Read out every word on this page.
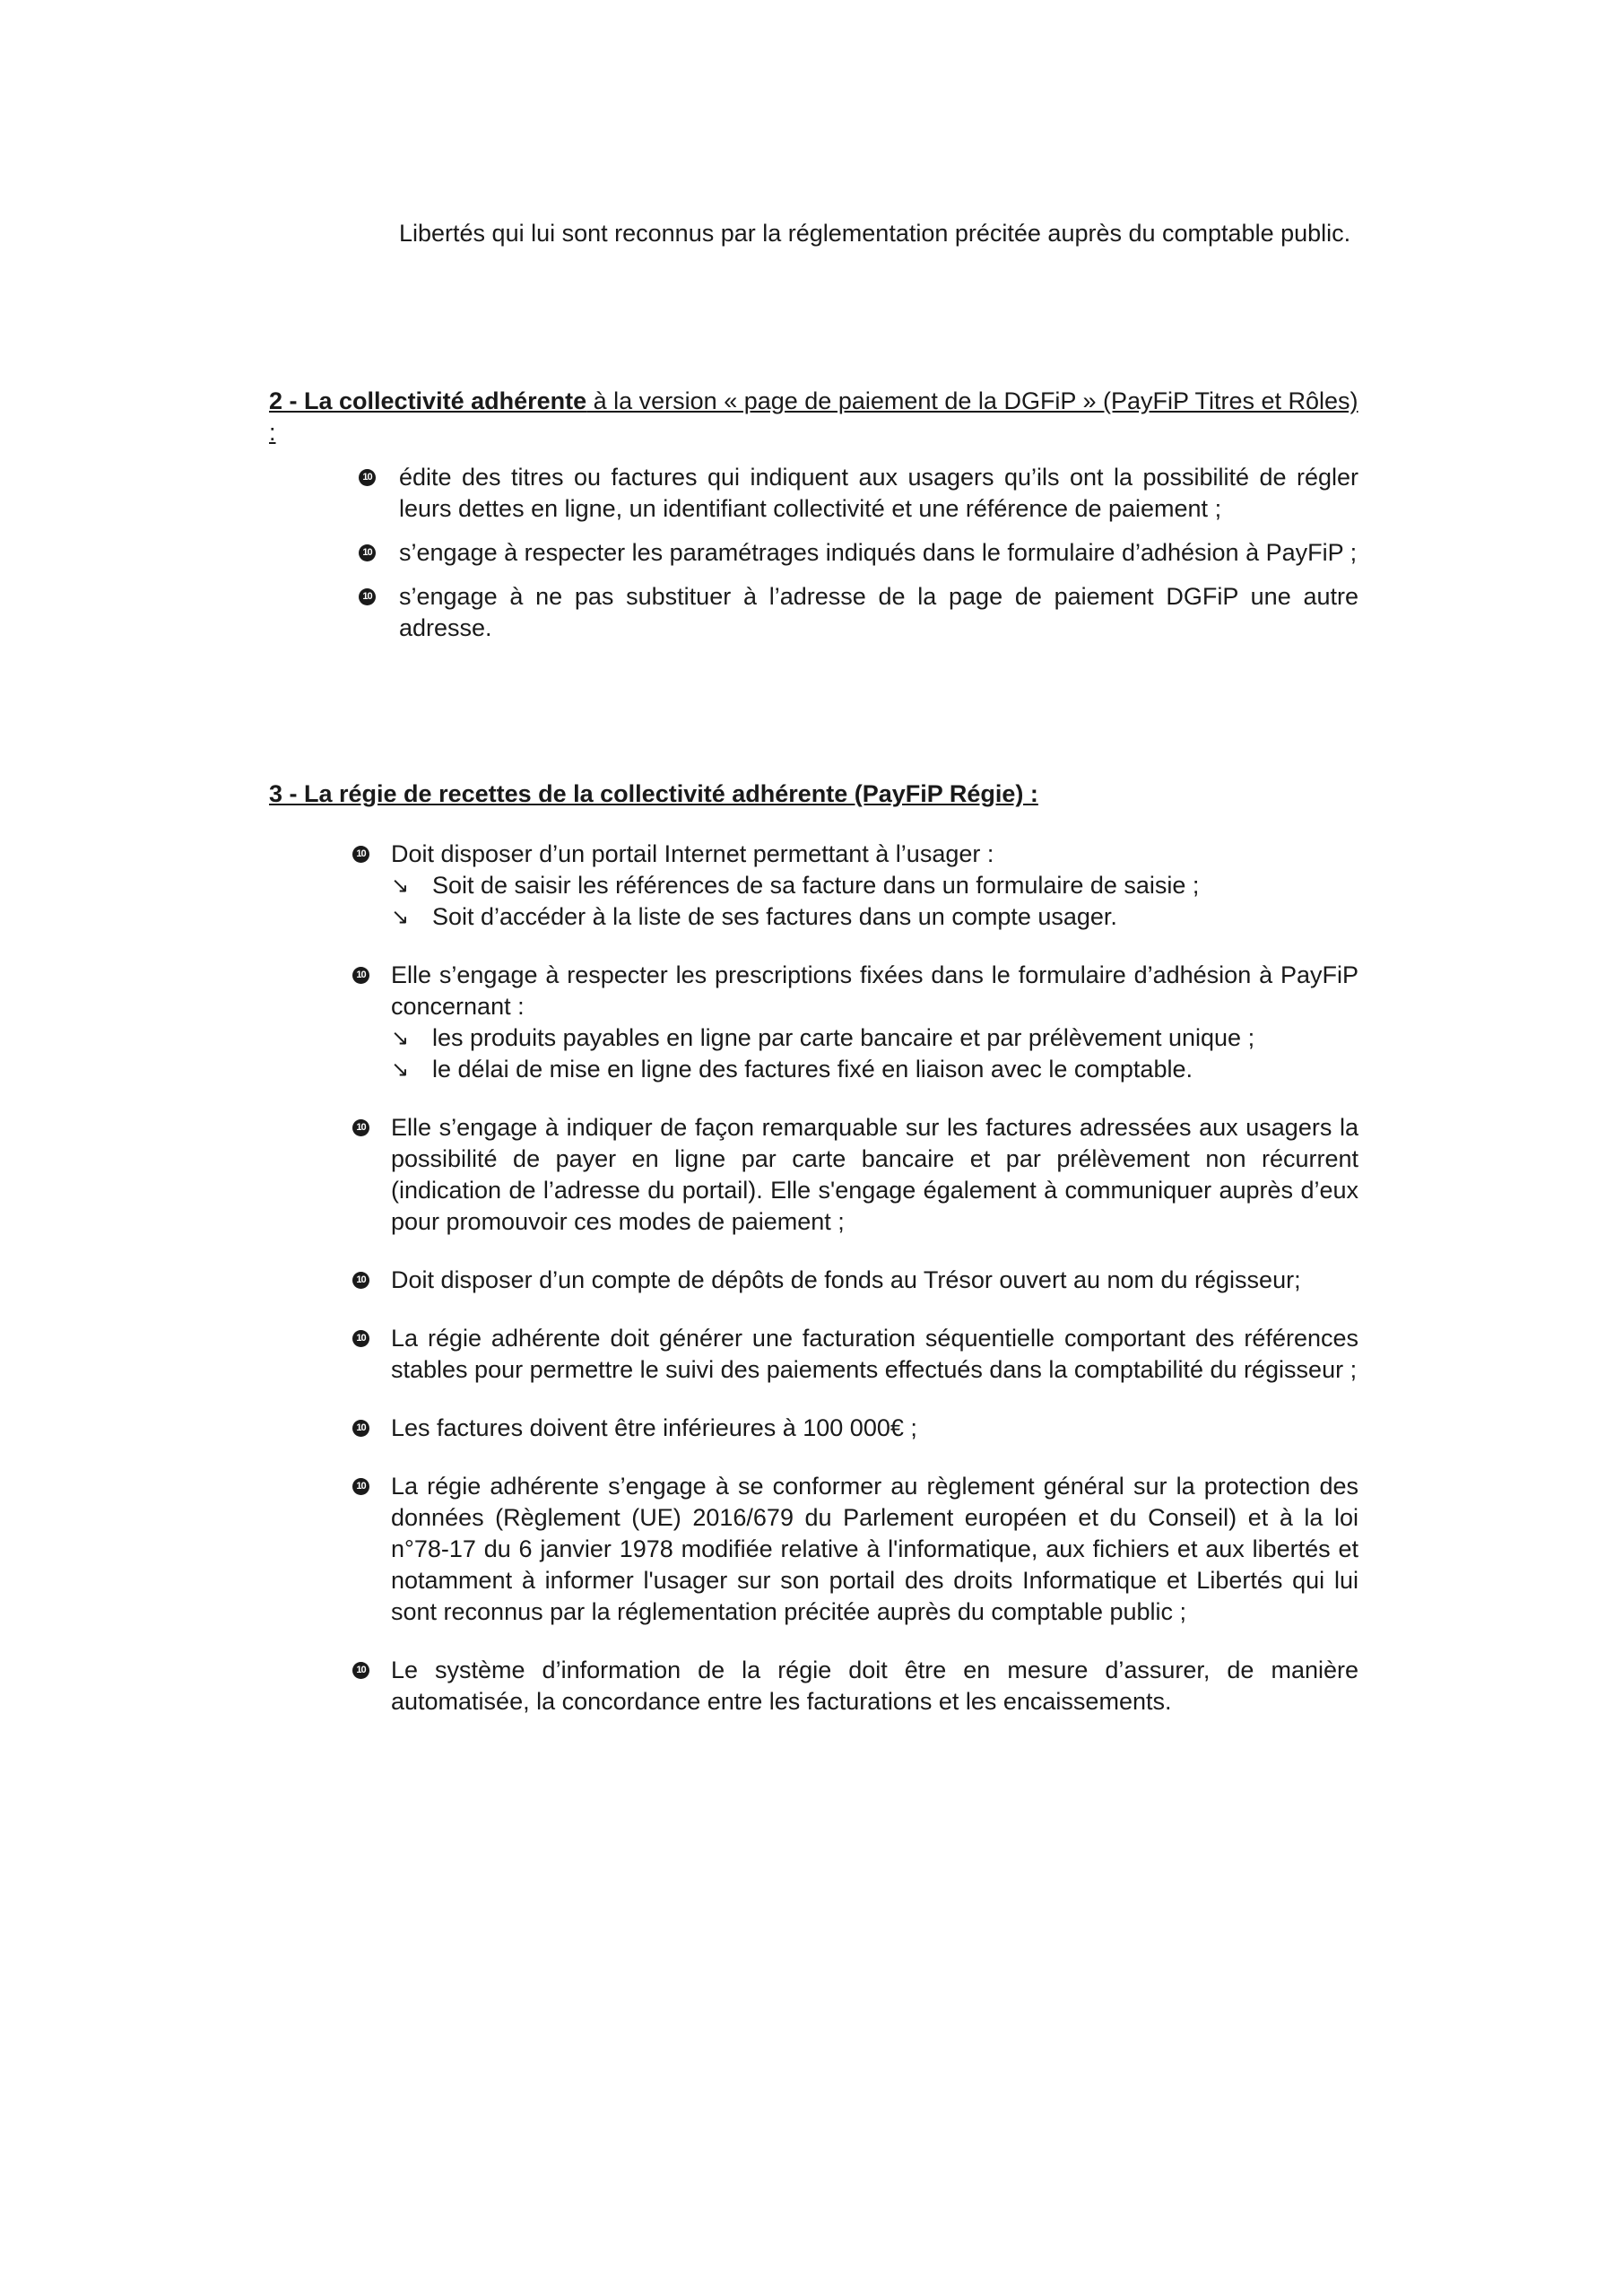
Libertés qui lui sont reconnus par la réglementation précitée auprès du comptable public.

2 - La collectivité adhérente à la version « page de paiement de la DGFiP » (PayFiP Titres et Rôles) :

10 édite des titres ou factures qui indiquent aux usagers qu’ils ont la possibilité de régler leurs dettes en ligne, un identifiant collectivité et une référence de paiement ;
10 s’engage à respecter les paramétrages indiqués dans le formulaire d’adhésion à PayFiP ;
10 s’engage à ne pas substituer à l’adresse de la page de paiement DGFiP une autre adresse.

3 - La régie de recettes de la collectivité adhérente (PayFiP Régie) :

10 Doit disposer d’un portail Internet permettant à l’usager :
↘ Soit de saisir les références de sa facture dans un formulaire de saisie ;
↘ Soit d’accéder à la liste de ses factures dans un compte usager.
10 Elle s’engage à respecter les prescriptions fixées dans le formulaire d’adhésion à PayFiP concernant :
↘ les produits payables en ligne par carte bancaire et par prélèvement unique ;
↘ le délai de mise en ligne des factures fixé en liaison avec le comptable.
10 Elle s’engage à indiquer de façon remarquable sur les factures adressées aux usagers la possibilité de payer en ligne par carte bancaire et par prélèvement non récurrent (indication de l’adresse du portail). Elle s'engage également à communiquer auprès d’eux pour promouvoir ces modes de paiement ;
10 Doit disposer d’un compte de dépôts de fonds au Trésor ouvert au nom du régisseur;
10 La régie adhérente doit générer une facturation séquentielle comportant des références stables pour permettre le suivi des paiements effectués dans la comptabilité du régisseur ;
10 Les factures doivent être inférieures à 100 000€ ;
10 La régie adhérente s’engage à se conformer au règlement général sur la protection des données (Règlement (UE) 2016/679 du Parlement européen et du Conseil) et à la loi n°78-17 du 6 janvier 1978 modifiée relative à l'informatique, aux fichiers et aux libertés et notamment à informer l'usager sur son portail des droits Informatique et Libertés qui lui sont reconnus par la réglementation précitée auprès du comptable public ;
10 Le système d’information de la régie doit être en mesure d’assurer, de manière automatisée, la concordance entre les facturations et les encaissements.
